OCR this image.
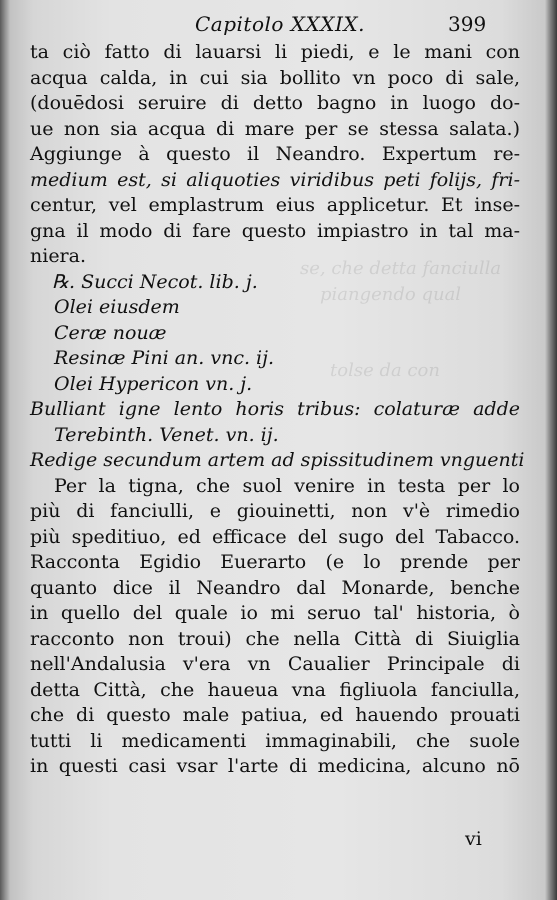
se, che detta fanciulla
piangendo qual
tolse da con
Capitolo XXXIX.	399
ta ciò fatto di lauarsi li piedi, e le mani con
acqua calda, in cui sia bollito vn poco di sale,
(douēdosi seruire di detto bagno in luogo do-
ue non sia acqua di mare per se stessa salata.)
Aggiunge à questo il Neandro. Expertum re-
medium est, si aliquoties viridibus peti folijs, fri-
centur, vel emplastrum eius applicetur. Et inse-
gna il modo di fare questo impiastro in tal ma-
niera.
℞. Succi Necot. lib. j.
Olei eiusdem
Ceræ nouæ
Resinæ Pini an. vnc. ij.
Olei Hypericon vn. j.
Bulliant igne lento horis tribus: colaturæ adde
Terebinth. Venet. vn. ij.
Redige secundum artem ad spissitudinem vnguenti
Per la tigna, che suol venire in testa per lo
più di fanciulli, e giouinetti, non v'è rimedio
più speditiuo, ed efficace del sugo del Tabacco.
Racconta Egidio Euerarto (e lo prende per
quanto dice il Neandro dal Monarde, benche
in quello del quale io mi seruo tal' historia, ò
racconto non troui) che nella Città di Siuiglia
nell'Andalusia v'era vn Caualier Principale di
detta Città, che haueua vna figliuola fanciulla,
che di questo male patiua, ed hauendo prouati
tutti li medicamenti immaginabili, che suole
in questi casi vsar l'arte di medicina, alcuno nō
vi
